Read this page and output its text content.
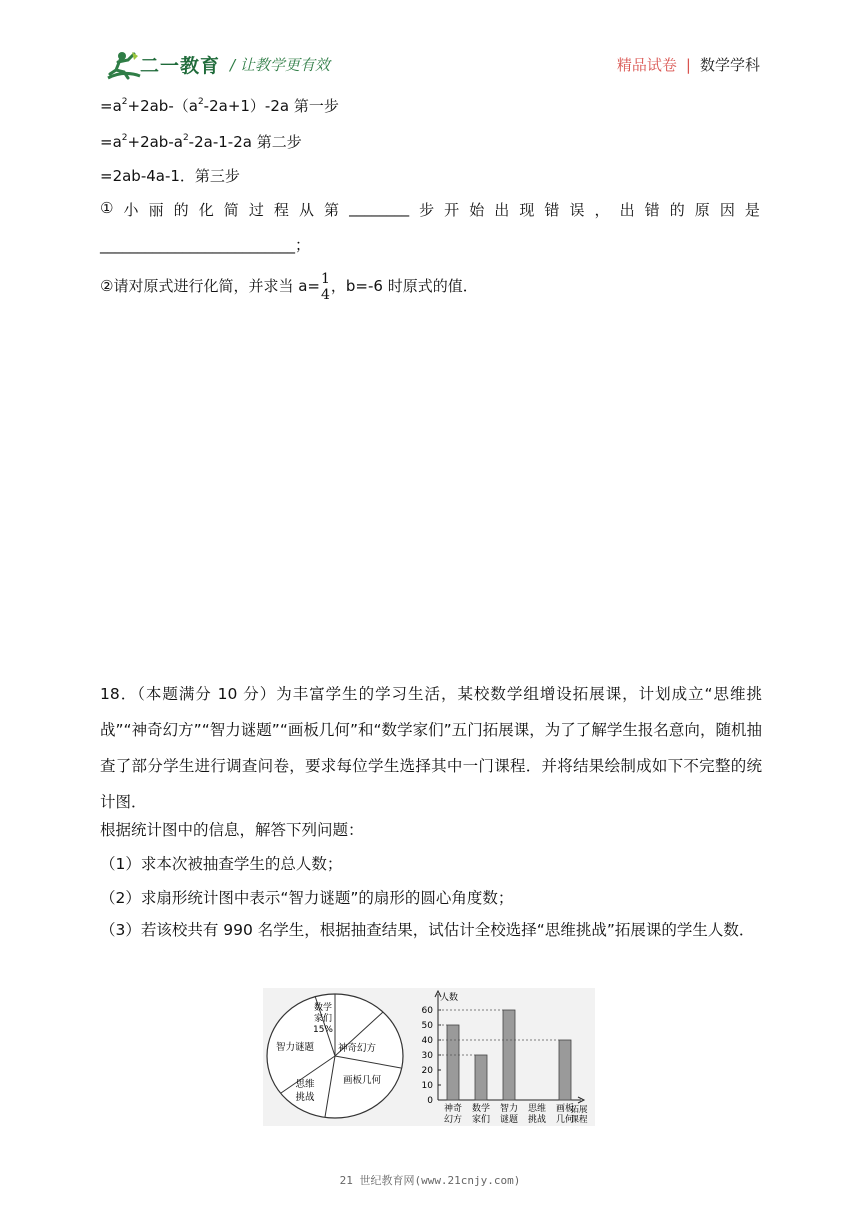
二一教育 / 让教学更有效	精品试卷 | 数学学科
$=a^2+2ab-(a^2-2a+1)-2a$ 第一步
$=a^2+2ab-a^2-2a-1-2a$ 第二步
=2ab-4a-1．第三步
① 小 丽 的 化 简 过 程 从 第 ________ 步 开 始 出 现 错 误 ， 出 错 的 原 因 是
__________________________；
②请对原式进行化简，并求当 a= 1
4 ，b=-6 时原式的值．
18．（本题满分 10 分）为丰富学生的学习生活，某校数学组增设拓展课，计划成立“思维挑战”“神奇幻方”“智力谜题”“画板几何”和“数学家们”五门拓展课，为了了解学生报名意向，随机抽查了部分学生进行调查问卷，要求每位学生选择其中一门课程．并将结果绘制成如下不完整的统计图．
根据统计图中的信息，解答下列问题：
（1）求本次被抽查学生的总人数；
（2）求扇形统计图中表示“智力谜题”的扇形的圆心角度数；
（3）若该校共有 990 名学生，根据抽查结果，试估计全校选择“思维挑战”拓展课的学生人数．
数学
家们
15%
神奇幻方
智力谜题
画板几何
思维
挑战
人数
拓展
课程
0
10
20
30
40
50
60
神奇
幻方
数学
家们
智力
谜题
思维
挑战
画板
几何
21 世纪教育网(www.21cnjy.com)
